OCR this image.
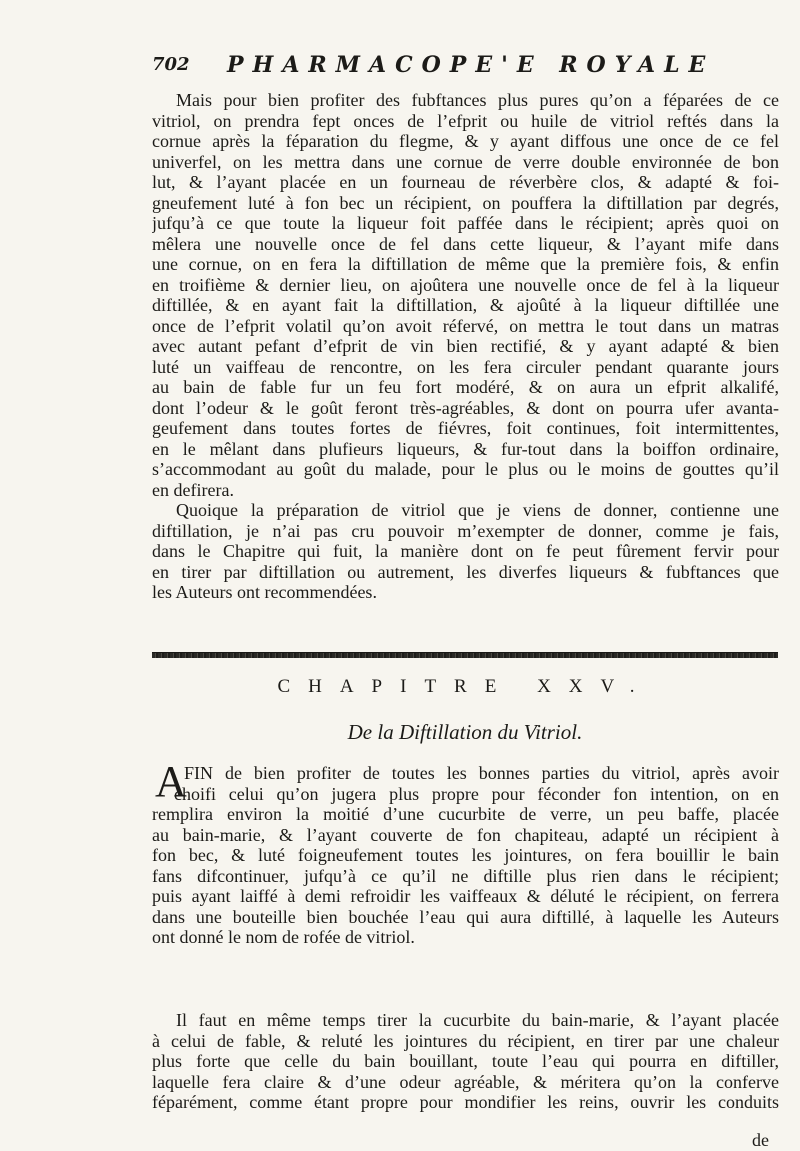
702 PHARMACOPE'E ROYALE
Mais pour bien profiter des fubftances plus pures qu’on a féparées de ce
vitriol, on prendra fept onces de l’efprit ou huile de vitriol reftés dans la
cornue après la féparation du flegme, & y ayant diffous une once de ce fel
univerfel, on les mettra dans une cornue de verre double environnée de bon
lut, & l’ayant placée en un fourneau de réverbère clos, & adapté & foi-
gneufement luté à fon bec un récipient, on pouffera la diftillation par degrés,
jufqu’à ce que toute la liqueur foit paffée dans le récipient; après quoi on
mêlera une nouvelle once de fel dans cette liqueur, & l’ayant mife dans
une cornue, on en fera la diftillation de même que la première fois, & enfin
en troifième & dernier lieu, on ajoûtera une nouvelle once de fel à la liqueur
diftillée, & en ayant fait la diftillation, & ajoûté à la liqueur diftillée une
once de l’efprit volatil qu’on avoit réfervé, on mettra le tout dans un matras
avec autant pefant d’efprit de vin bien rectifié, & y ayant adapté & bien
luté un vaiffeau de rencontre, on les fera circuler pendant quarante jours
au bain de fable fur un feu fort modéré, & on aura un efprit alkalifé,
dont l’odeur & le goût feront très-agréables, & dont on pourra ufer avanta-
geufement dans toutes fortes de fiévres, foit continues, foit intermittentes,
en le mêlant dans plufieurs liqueurs, & fur-tout dans la boiffon ordinaire,
s’accommodant au goût du malade, pour le plus ou le moins de gouttes qu’il
en defirera.
Quoique la préparation de vitriol que je viens de donner, contienne une
diftillation, je n’ai pas cru pouvoir m’exempter de donner, comme je fais,
dans le Chapitre qui fuit, la manière dont on fe peut fûrement fervir pour
en tirer par diftillation ou autrement, les diverfes liqueurs & fubftances que
les Auteurs ont recommendées.
CHAPITRE XXV.
De la Diftillation du Vitriol.
A
FIN de bien profiter de toutes les bonnes parties du vitriol, après avoir
choifi celui qu’on jugera plus propre pour féconder fon intention, on en
remplira environ la moitié d’une cucurbite de verre, un peu baffe, placée
au bain-marie, & l’ayant couverte de fon chapiteau, adapté un récipient à
fon bec, & luté foigneufement toutes les jointures, on fera bouillir le bain
fans difcontinuer, jufqu’à ce qu’il ne diftille plus rien dans le récipient;
puis ayant laiffé à demi refroidir les vaiffeaux & déluté le récipient, on ferrera
dans une bouteille bien bouchée l’eau qui aura diftillé, à laquelle les Auteurs
ont donné le nom de rofée de vitriol.
Il faut en même temps tirer la cucurbite du bain-marie, & l’ayant placée
à celui de fable, & reluté les jointures du récipient, en tirer par une chaleur
plus forte que celle du bain bouillant, toute l’eau qui pourra en diftiller,
laquelle fera claire & d’une odeur agréable, & méritera qu’on la conferve
féparément, comme étant propre pour mondifier les reins, ouvrir les conduits
de
